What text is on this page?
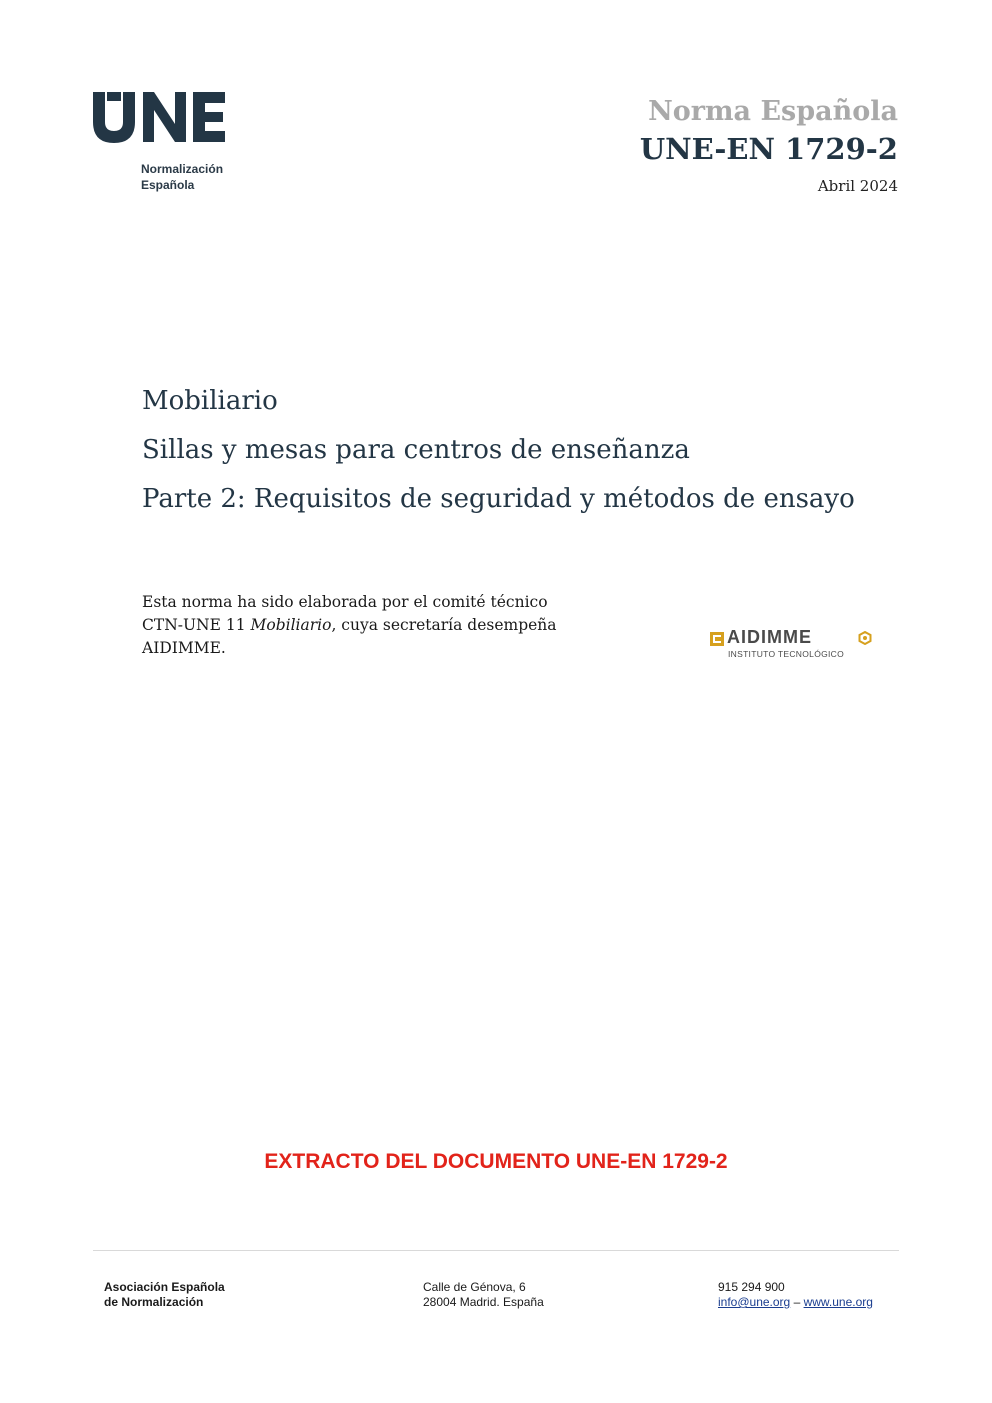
Normalización
Española
Norma Española
UNE-EN 1729-2
Abril 2024
Mobiliario
Sillas y mesas para centros de enseñanza
Parte 2: Requisitos de seguridad y métodos de ensayo
Esta norma ha sido elaborada por el comité técnico
CTN-UNE 11 Mobiliario, cuya secretaría desempeña
AIDIMME.
AIDIMME
INSTITUTO TECNOLÓGICO
EXTRACTO DEL DOCUMENTO UNE-EN 1729-2
Asociación Española
de Normalización
Calle de Génova, 6
28004 Madrid. España
915 294 900
info@une.org – www.une.org
